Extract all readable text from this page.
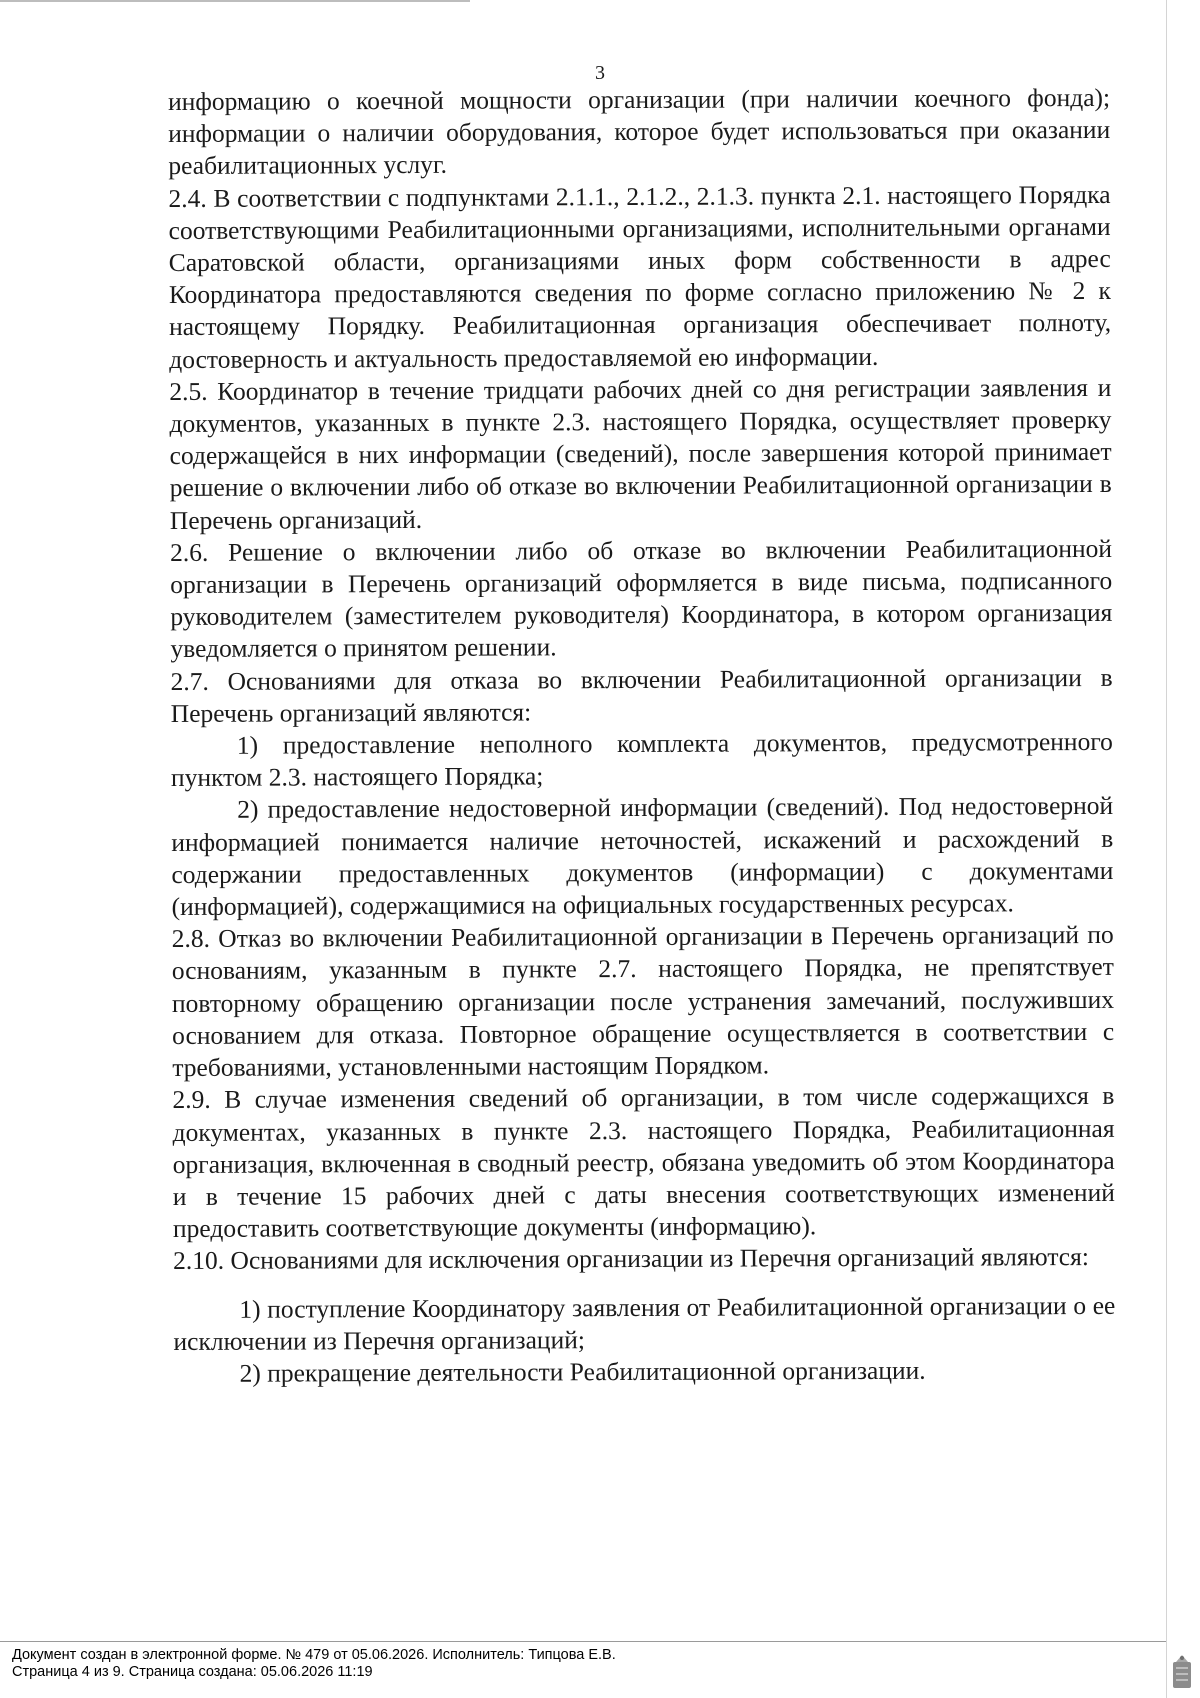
3

информацию о коечной мощности организации (при наличии коечного фонда); информации о наличии оборудования, которое будет использоваться при оказании реабилитационных услуг.

2.4. В соответствии с подпунктами 2.1.1., 2.1.2., 2.1.3. пункта 2.1. настоящего Порядка соответствующими Реабилитационными организациями, исполнительными органами Саратовской области, организациями иных форм собственности в адрес Координатора предоставляются сведения по форме согласно приложению № 2 к настоящему Порядку. Реабилитационная организация обеспечивает полноту, достоверность и актуальность предоставляемой ею информации.

2.5. Координатор в течение тридцати рабочих дней со дня регистрации заявления и документов, указанных в пункте 2.3. настоящего Порядка, осуществляет проверку содержащейся в них информации (сведений), после завершения которой принимает решение о включении либо об отказе во включении Реабилитационной организации в Перечень организаций.

2.6. Решение о включении либо об отказе во включении Реабилитационной организации в Перечень организаций оформляется в виде письма, подписанного руководителем (заместителем руководителя) Координатора, в котором организация уведомляется о принятом решении.

2.7. Основаниями для отказа во включении Реабилитационной организации в Перечень организаций являются:

1) предоставление неполного комплекта документов, предусмотренного пунктом 2.3. настоящего Порядка;

2) предоставление недостоверной информации (сведений). Под недостоверной информацией понимается наличие неточностей, искажений и расхождений в содержании предоставленных документов (информации) с документами (информацией), содержащимися на официальных государственных ресурсах.

2.8. Отказ во включении Реабилитационной организации в Перечень организаций по основаниям, указанным в пункте 2.7. настоящего Порядка, не препятствует повторному обращению организации после устранения замечаний, послуживших основанием для отказа. Повторное обращение осуществляется в соответствии с требованиями, установленными настоящим Порядком.

2.9. В случае изменения сведений об организации, в том числе содержащихся в документах, указанных в пункте 2.3. настоящего Порядка, Реабилитационная организация, включенная в сводный реестр, обязана уведомить об этом Координатора и в течение 15 рабочих дней с даты внесения соответствующих изменений предоставить соответствующие документы (информацию).

2.10. Основаниями для исключения организации из Перечня организаций являются:

1) поступление Координатору заявления от Реабилитационной организации о ее исключении из Перечня организаций;

2) прекращение деятельности Реабилитационной организации.

Документ создан в электронной форме. № 479 от 05.06.2026. Исполнитель: Типцова Е.В.
Страница 4 из 9. Страница создана: 05.06.2026 11:19
